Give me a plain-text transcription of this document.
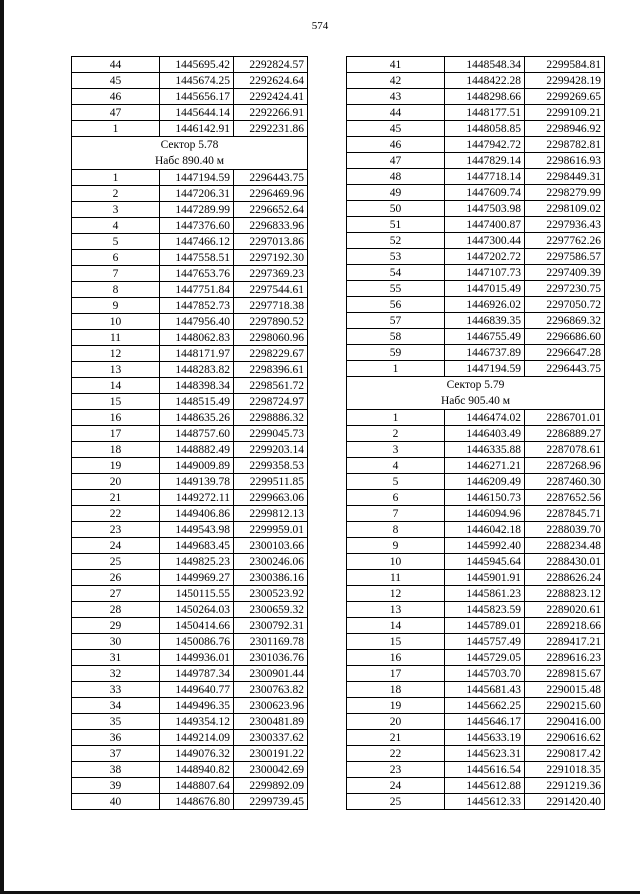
574
44	1445695.42	2292824.57
45	1445674.25	2292624.64
46	1445656.17	2292424.41
47	1445644.14	2292266.91
1	1446142.91	2292231.86
Сектор 5.78		
Набс 890.40 м		
1	1447194.59	2296443.75
2	1447206.31	2296469.96
3	1447289.99	2296652.64
4	1447376.60	2296833.96
5	1447466.12	2297013.86
6	1447558.51	2297192.30
7	1447653.76	2297369.23
8	1447751.84	2297544.61
9	1447852.73	2297718.38
10	1447956.40	2297890.52
11	1448062.83	2298060.96
12	1448171.97	2298229.67
13	1448283.82	2298396.61
14	1448398.34	2298561.72
15	1448515.49	2298724.97
16	1448635.26	2298886.32
17	1448757.60	2299045.73
18	1448882.49	2299203.14
19	1449009.89	2299358.53
20	1449139.78	2299511.85
21	1449272.11	2299663.06
22	1449406.86	2299812.13
23	1449543.98	2299959.01
24	1449683.45	2300103.66
25	1449825.23	2300246.06
26	1449969.27	2300386.16
27	1450115.55	2300523.92
28	1450264.03	2300659.32
29	1450414.66	2300792.31
30	1450086.76	2301169.78
31	1449936.01	2301036.76
32	1449787.34	2300901.44
33	1449640.77	2300763.82
34	1449496.35	2300623.96
35	1449354.12	2300481.89
36	1449214.09	2300337.62
37	1449076.32	2300191.22
38	1448940.82	2300042.69
39	1448807.64	2299892.09
40	1448676.80	2299739.45
41	1448548.34	2299584.81
42	1448422.28	2299428.19
43	1448298.66	2299269.65
44	1448177.51	2299109.21
45	1448058.85	2298946.92
46	1447942.72	2298782.81
47	1447829.14	2298616.93
48	1447718.14	2298449.31
49	1447609.74	2298279.99
50	1447503.98	2298109.02
51	1447400.87	2297936.43
52	1447300.44	2297762.26
53	1447202.72	2297586.57
54	1447107.73	2297409.39
55	1447015.49	2297230.75
56	1446926.02	2297050.72
57	1446839.35	2296869.32
58	1446755.49	2296686.60
59	1446737.89	2296647.28
1	1447194.59	2296443.75
Сектор 5.79		
Набс 905.40 м		
1	1446474.02	2286701.01
2	1446403.49	2286889.27
3	1446335.88	2287078.61
4	1446271.21	2287268.96
5	1446209.49	2287460.30
6	1446150.73	2287652.56
7	1446094.96	2287845.71
8	1446042.18	2288039.70
9	1445992.40	2288234.48
10	1445945.64	2288430.01
11	1445901.91	2288626.24
12	1445861.23	2288823.12
13	1445823.59	2289020.61
14	1445789.01	2289218.66
15	1445757.49	2289417.21
16	1445729.05	2289616.23
17	1445703.70	2289815.67
18	1445681.43	2290015.48
19	1445662.25	2290215.60
20	1445646.17	2290416.00
21	1445633.19	2290616.62
22	1445623.31	2290817.42
23	1445616.54	2291018.35
24	1445612.88	2291219.36
25	1445612.33	2291420.40
